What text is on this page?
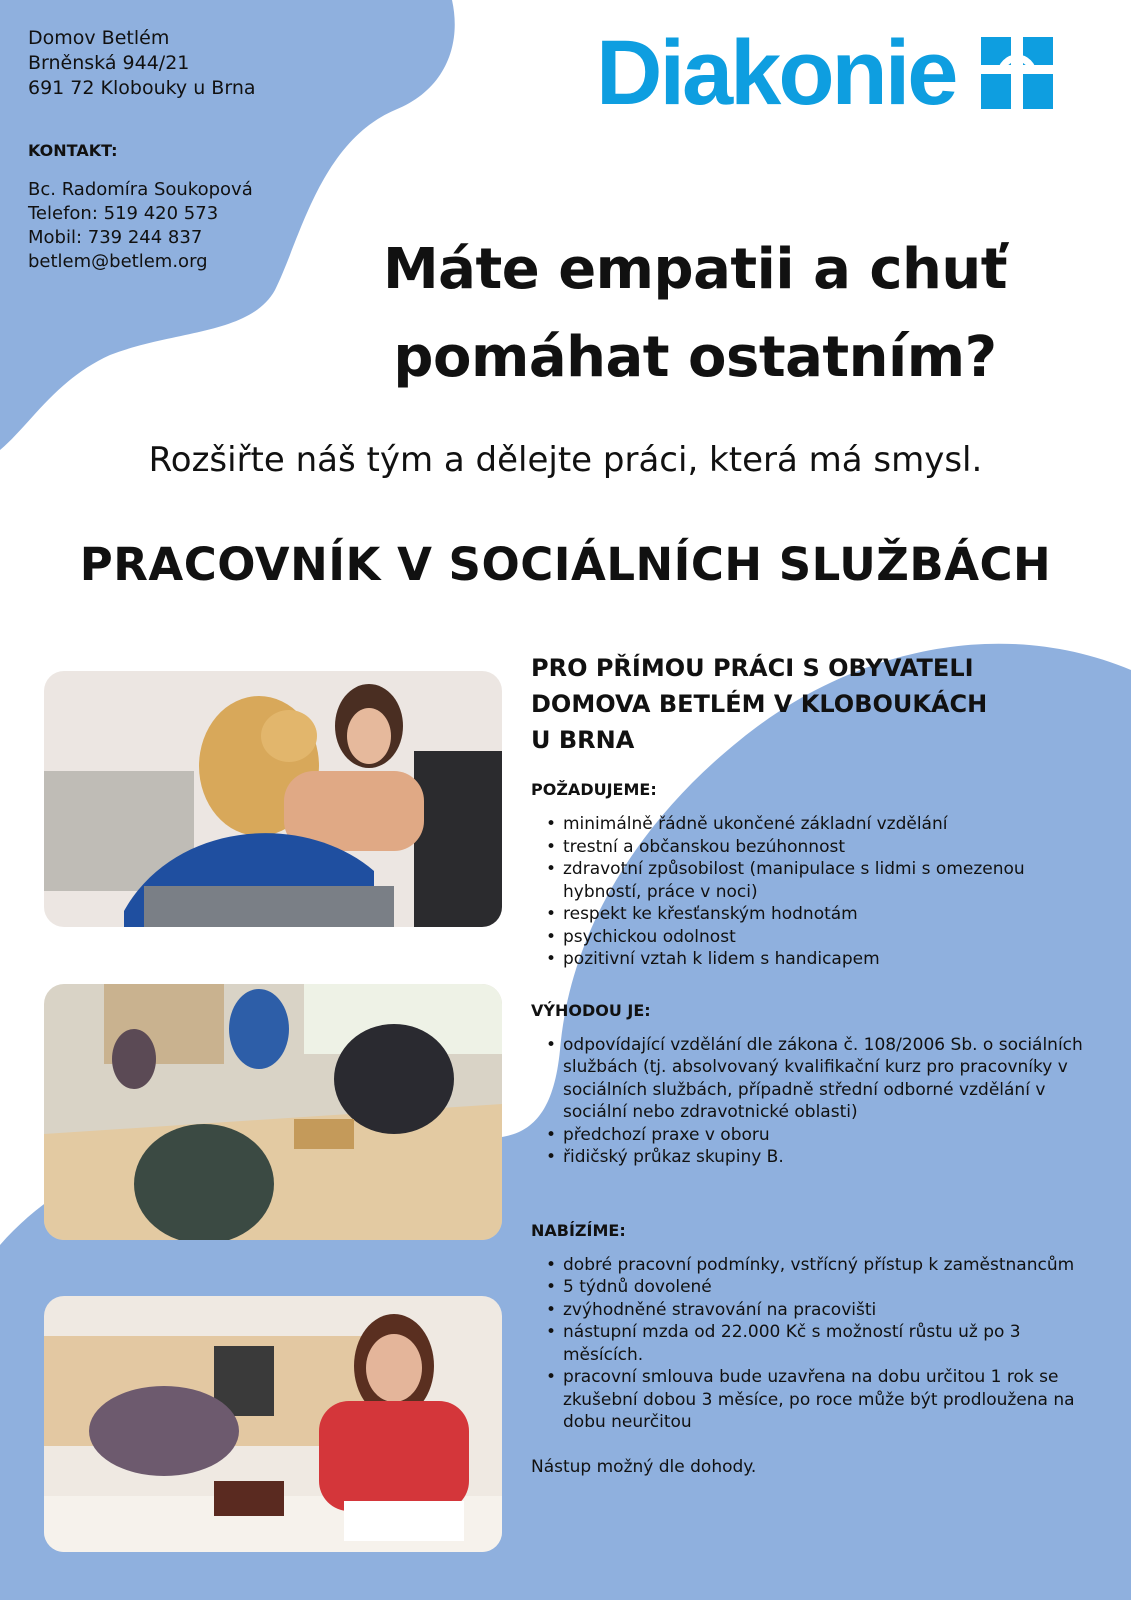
Domov Betlém
Brněnská 944/21
691 72 Klobouky u Brna
KONTAKT:
Bc. Radomíra Soukopová
Telefon: 519 420 573
Mobil: 739 244 837
betlem@betlem.org
Diakonie
Máte empatii a chuť
pomáhat ostatním?
Rozšiřte náš tým a dělejte práci, která má smysl.
PRACOVNÍK V SOCIÁLNÍCH SLUŽBÁCH
PRO PŘÍMOU PRÁCI S OBYVATELI
DOMOVA BETLÉM V KLOBOUKÁCH
U BRNA
POŽADUJEME:
• minimálně řádně ukončené základní vzdělání
• trestní a občanskou bezúhonnost
• zdravotní způsobilost (manipulace s lidmi s omezenou hybností, práce v noci)
• respekt ke křesťanským hodnotám
• psychickou odolnost
• pozitivní vztah k lidem s handicapem
VÝHODOU JE:
• odpovídající vzdělání dle zákona č. 108/2006 Sb. o sociálních službách (tj. absolvovaný kvalifikační kurz pro pracovníky v sociálních službách, případně střední odborné vzdělání v sociální nebo zdravotnické oblasti)
• předchozí praxe v oboru
• řidičský průkaz skupiny B.
NABÍZÍME:
• dobré pracovní podmínky, vstřícný přístup k zaměstnancům
• 5 týdnů dovolené
• zvýhodněné stravování na pracovišti
• nástupní mzda od 22.000 Kč s možností růstu už po 3 měsících.
• pracovní smlouva bude uzavřena na dobu určitou 1 rok se zkušební dobou 3 měsíce, po roce může být prodloužena na dobu neurčitou
Nástup možný dle dohody.
